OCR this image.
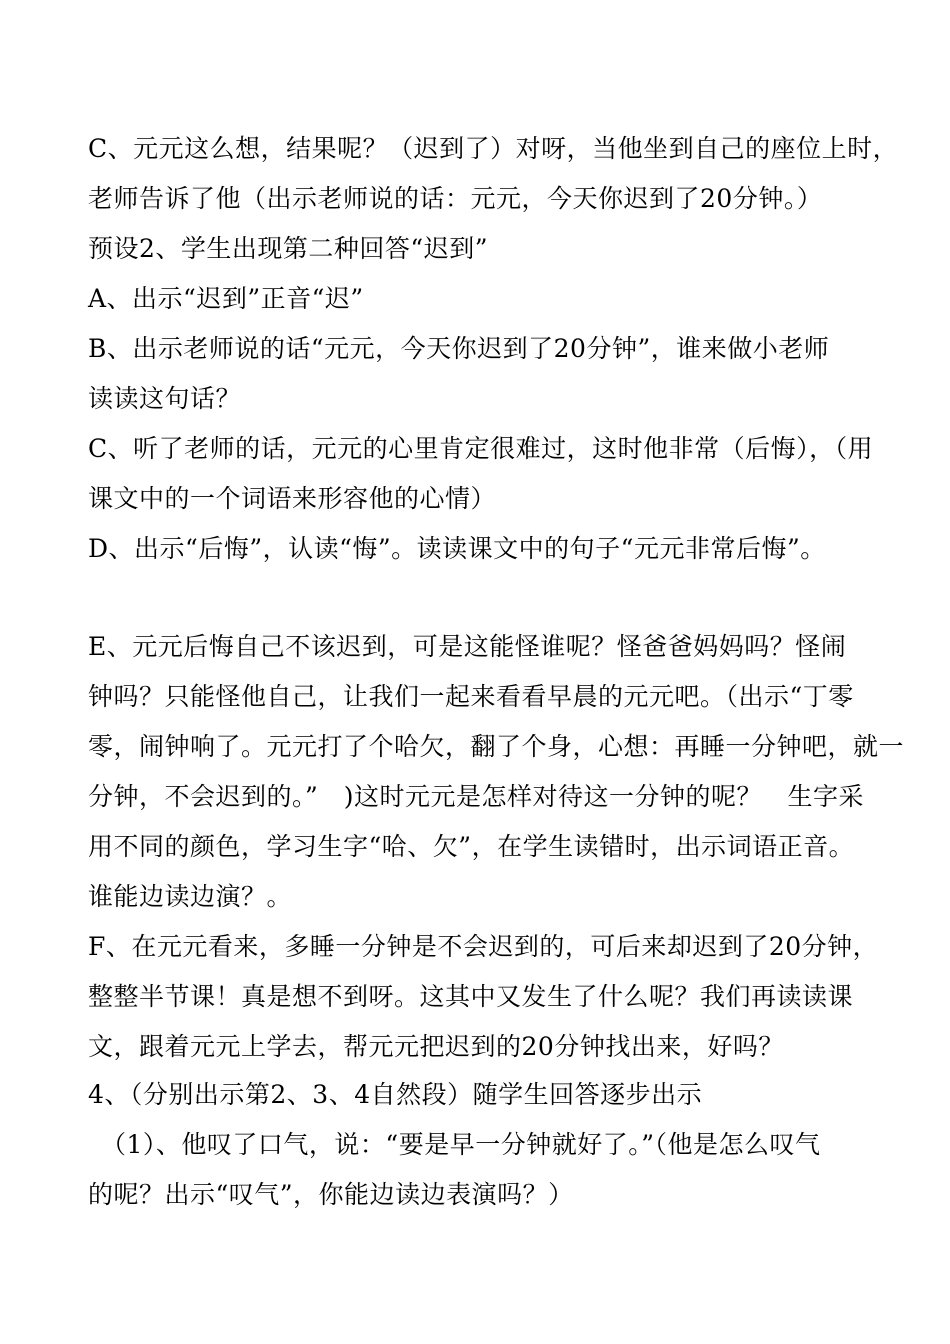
C、元元这么想，结果呢？（迟到了）对呀，当他坐到自己的座位上时，
老师告诉了他（出示老师说的话：元元，今天你迟到了20分钟。）
预设2、学生出现第二种回答“迟到”
A、出示“迟到”正音“迟”
B、出示老师说的话“元元，今天你迟到了20分钟”，谁来做小老师
读读这句话？
C、听了老师的话，元元的心里肯定很难过，这时他非常（后悔），（用
课文中的一个词语来形容他的心情）
D、出示“后悔”，认读“悔”。读读课文中的句子“元元非常后悔”。
E、元元后悔自己不该迟到，可是这能怪谁呢？怪爸爸妈妈吗？怪闹
钟吗？只能怪他自己，让我们一起来看看早晨的元元吧。（出示“丁零
零，闹钟响了。元元打了个哈欠，翻了个身，心想：再睡一分钟吧，就一
分钟，不会迟到的。”　)这时元元是怎样对待这一分钟的呢？　生字采
用不同的颜色，学习生字“哈、欠”，在学生读错时，出示词语正音。
谁能边读边演？。
F、在元元看来，多睡一分钟是不会迟到的，可后来却迟到了20分钟，
整整半节课！真是想不到呀。这其中又发生了什么呢？我们再读读课
文，跟着元元上学去，帮元元把迟到的20分钟找出来，好吗？
4、（分别出示第2、3、4自然段）随学生回答逐步出示
　（1）、他叹了口气，说：“要是早一分钟就好了。”（他是怎么叹气
的呢？出示“叹气”，你能边读边表演吗？）
